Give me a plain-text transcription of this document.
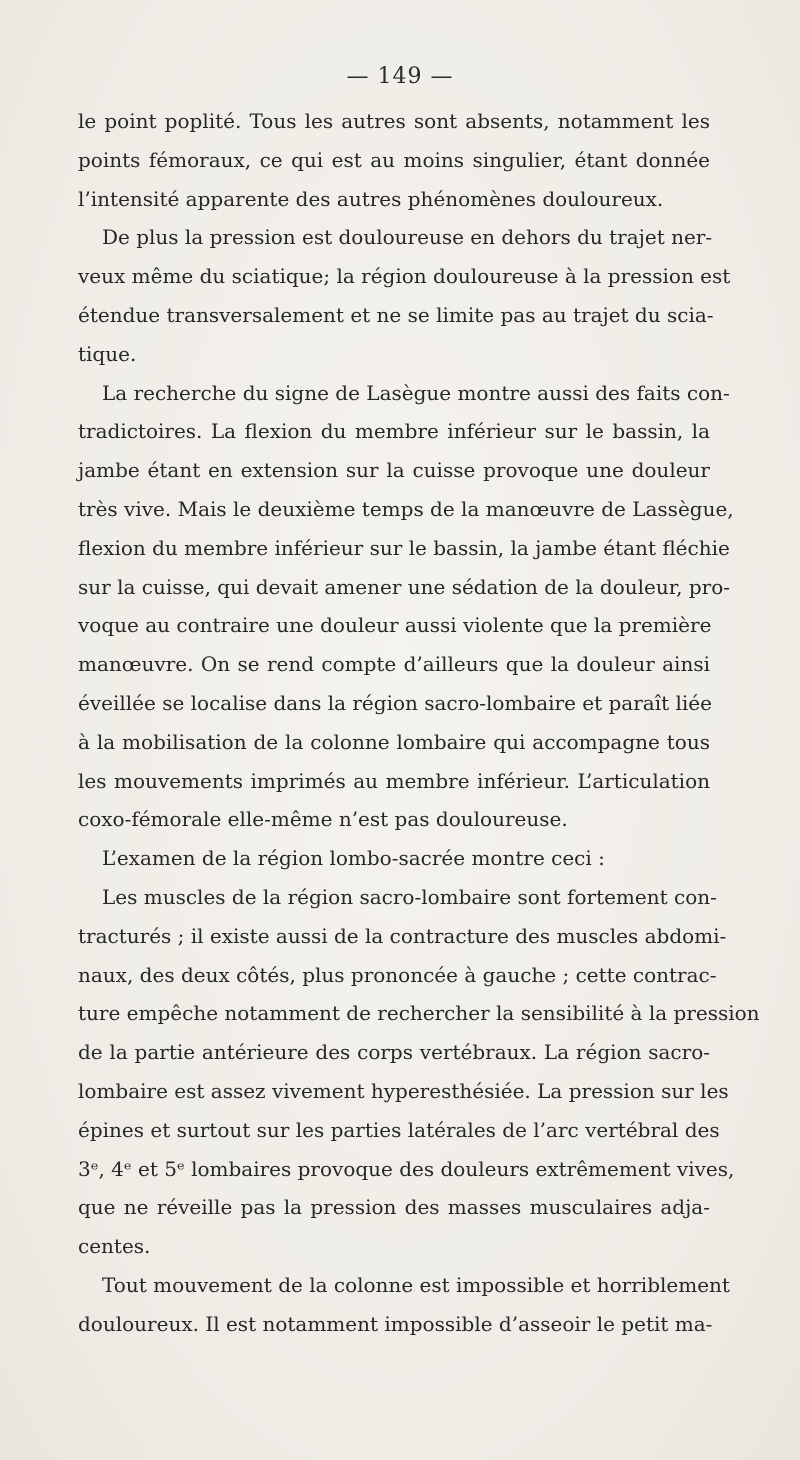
— 149 —
le point poplité. Tous les autres sont absents, notamment les
points fémoraux, ce qui est au moins singulier, étant donnée
l’intensité apparente des autres phénomènes douloureux.
De plus la pression est douloureuse en dehors du trajet ner-
veux même du sciatique; la région douloureuse à la pression est
étendue transversalement et ne se limite pas au trajet du scia-
tique.
La recherche du signe de Lasègue montre aussi des faits con-
tradictoires. La flexion du membre inférieur sur le bassin, la
jambe étant en extension sur la cuisse provoque une douleur
très vive. Mais le deuxième temps de la manœuvre de Lassègue,
flexion du membre inférieur sur le bassin, la jambe étant fléchie
sur la cuisse, qui devait amener une sédation de la douleur, pro-
voque au contraire une douleur aussi violente que la première
manœuvre. On se rend compte d’ailleurs que la douleur ainsi
éveillée se localise dans la région sacro-lombaire et paraît liée
à la mobilisation de la colonne lombaire qui accompagne tous
les mouvements imprimés au membre inférieur. L’articulation
coxo-fémorale elle-même n’est pas douloureuse.
L’examen de la région lombo-sacrée montre ceci :
Les muscles de la région sacro-lombaire sont fortement con-
tracturés ; il existe aussi de la contracture des muscles abdomi-
naux, des deux côtés, plus prononcée à gauche ; cette contrac-
ture empêche notamment de rechercher la sensibilité à la pression
de la partie antérieure des corps vertébraux. La région sacro-
lombaire est assez vivement hyperesthésiée. La pression sur les
épines et surtout sur les parties latérales de l’arc vertébral des
3ᵉ, 4ᵉ et 5ᵉ lombaires provoque des douleurs extrêmement vives,
que ne réveille pas la pression des masses musculaires adja-
centes.
Tout mouvement de la colonne est impossible et horriblement
douloureux. Il est notamment impossible d’asseoir le petit ma-
